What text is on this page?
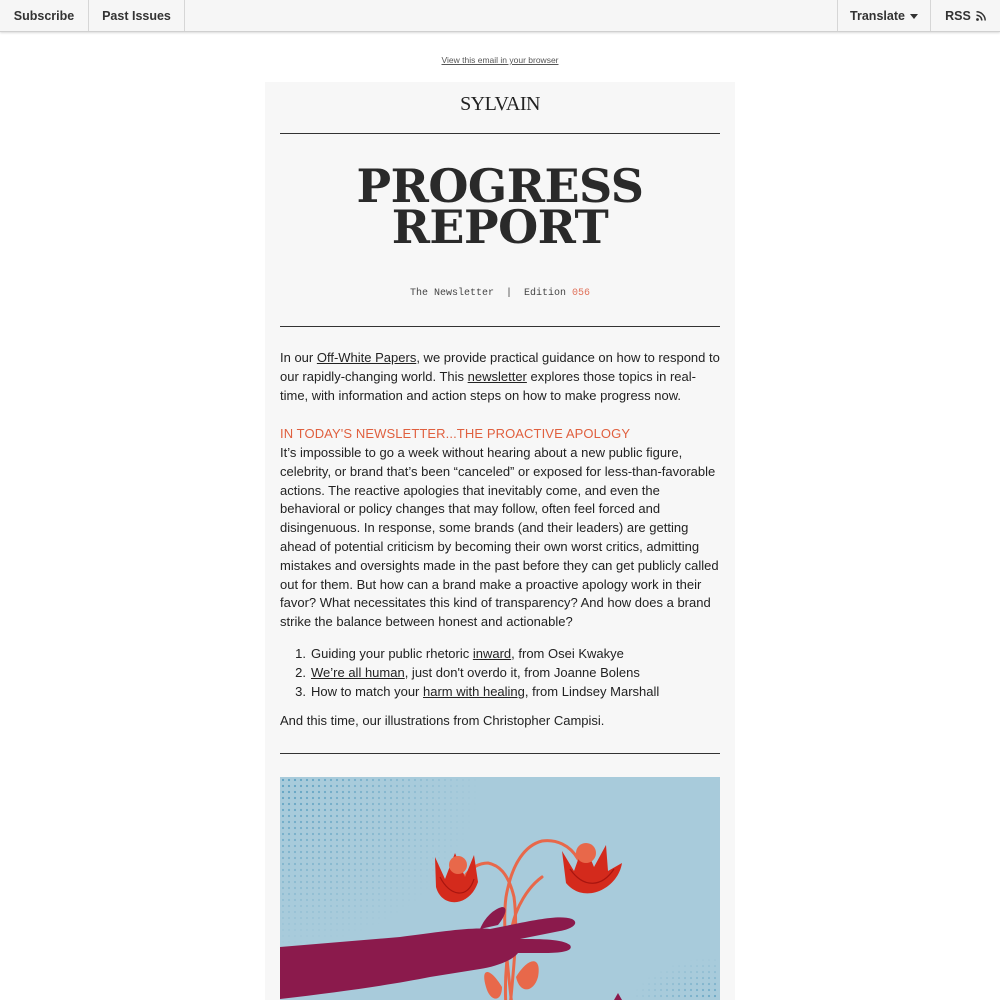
Subscribe Past Issues	Translate	RSS
View this email in your browser
SYLVAIN
PROGRESS
REPORT
The Newsletter  |  Edition 056
In our Off-White Papers, we provide practical guidance on how to respond to our rapidly-changing world. This newsletter explores those topics in real-time, with information and action steps on how to make progress now.
IN TODAY'S NEWSLETTER...THE PROACTIVE APOLOGY
It’s impossible to go a week without hearing about a new public figure, celebrity, or brand that’s been “canceled” or exposed for less-than-favorable actions. The reactive apologies that inevitably come, and even the behavioral or policy changes that may follow, often feel forced and disingenuous. In response, some brands (and their leaders) are getting ahead of potential criticism by becoming their own worst critics, admitting mistakes and oversights made in the past before they can get publicly called out for them. But how can a brand make a proactive apology work in their favor? What necessitates this kind of transparency? And how does a brand strike the balance between honest and actionable?
1. Guiding your public rhetoric inward, from Osei Kwakye
2. We’re all human, just don't overdo it, from Joanne Bolens
3. How to match your harm with healing, from Lindsey Marshall
And this time, our illustrations from Christopher Campisi.
